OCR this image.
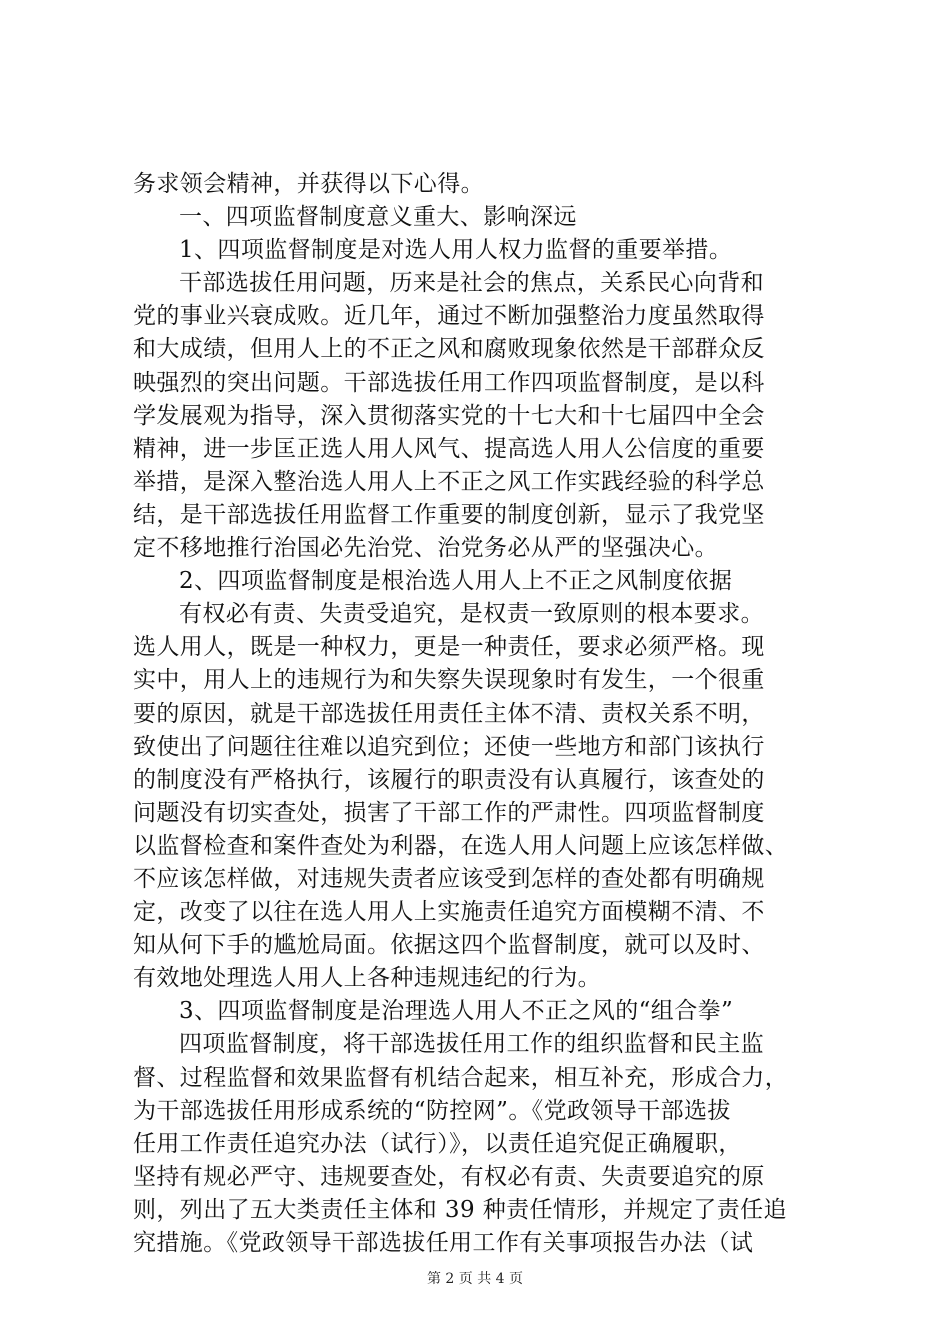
务求领会精神，并获得以下心得。
一、四项监督制度意义重大、影响深远
1、四项监督制度是对选人用人权力监督的重要举措。
干部选拔任用问题，历来是社会的焦点，关系民心向背和
党的事业兴衰成败。近几年，通过不断加强整治力度虽然取得
和大成绩，但用人上的不正之风和腐败现象依然是干部群众反
映强烈的突出问题。干部选拔任用工作四项监督制度，是以科
学发展观为指导，深入贯彻落实党的十七大和十七届四中全会
精神，进一步匡正选人用人风气、提高选人用人公信度的重要
举措，是深入整治选人用人上不正之风工作实践经验的科学总
结，是干部选拔任用监督工作重要的制度创新，显示了我党坚
定不移地推行治国必先治党、治党务必从严的坚强决心。
2、四项监督制度是根治选人用人上不正之风制度依据
有权必有责、失责受追究，是权责一致原则的根本要求。
选人用人，既是一种权力，更是一种责任，要求必须严格。现
实中，用人上的违规行为和失察失误现象时有发生，一个很重
要的原因，就是干部选拔任用责任主体不清、责权关系不明，
致使出了问题往往难以追究到位；还使一些地方和部门该执行
的制度没有严格执行，该履行的职责没有认真履行，该查处的
问题没有切实查处，损害了干部工作的严肃性。四项监督制度
以监督检查和案件查处为利器，在选人用人问题上应该怎样做、
不应该怎样做，对违规失责者应该受到怎样的查处都有明确规
定，改变了以往在选人用人上实施责任追究方面模糊不清、不
知从何下手的尴尬局面。依据这四个监督制度，就可以及时、
有效地处理选人用人上各种违规违纪的行为。
3、四项监督制度是治理选人用人不正之风的“组合拳”
四项监督制度，将干部选拔任用工作的组织监督和民主监
督、过程监督和效果监督有机结合起来，相互补充，形成合力，
为干部选拔任用形成系统的“防控网”。《党政领导干部选拔
任用工作责任追究办法（试行）》，以责任追究促正确履职，
坚持有规必严守、违规要查处，有权必有责、失责要追究的原
则，列出了五大类责任主体和 39 种责任情形，并规定了责任追
究措施。《党政领导干部选拔任用工作有关事项报告办法（试
第 2 页 共 4 页
